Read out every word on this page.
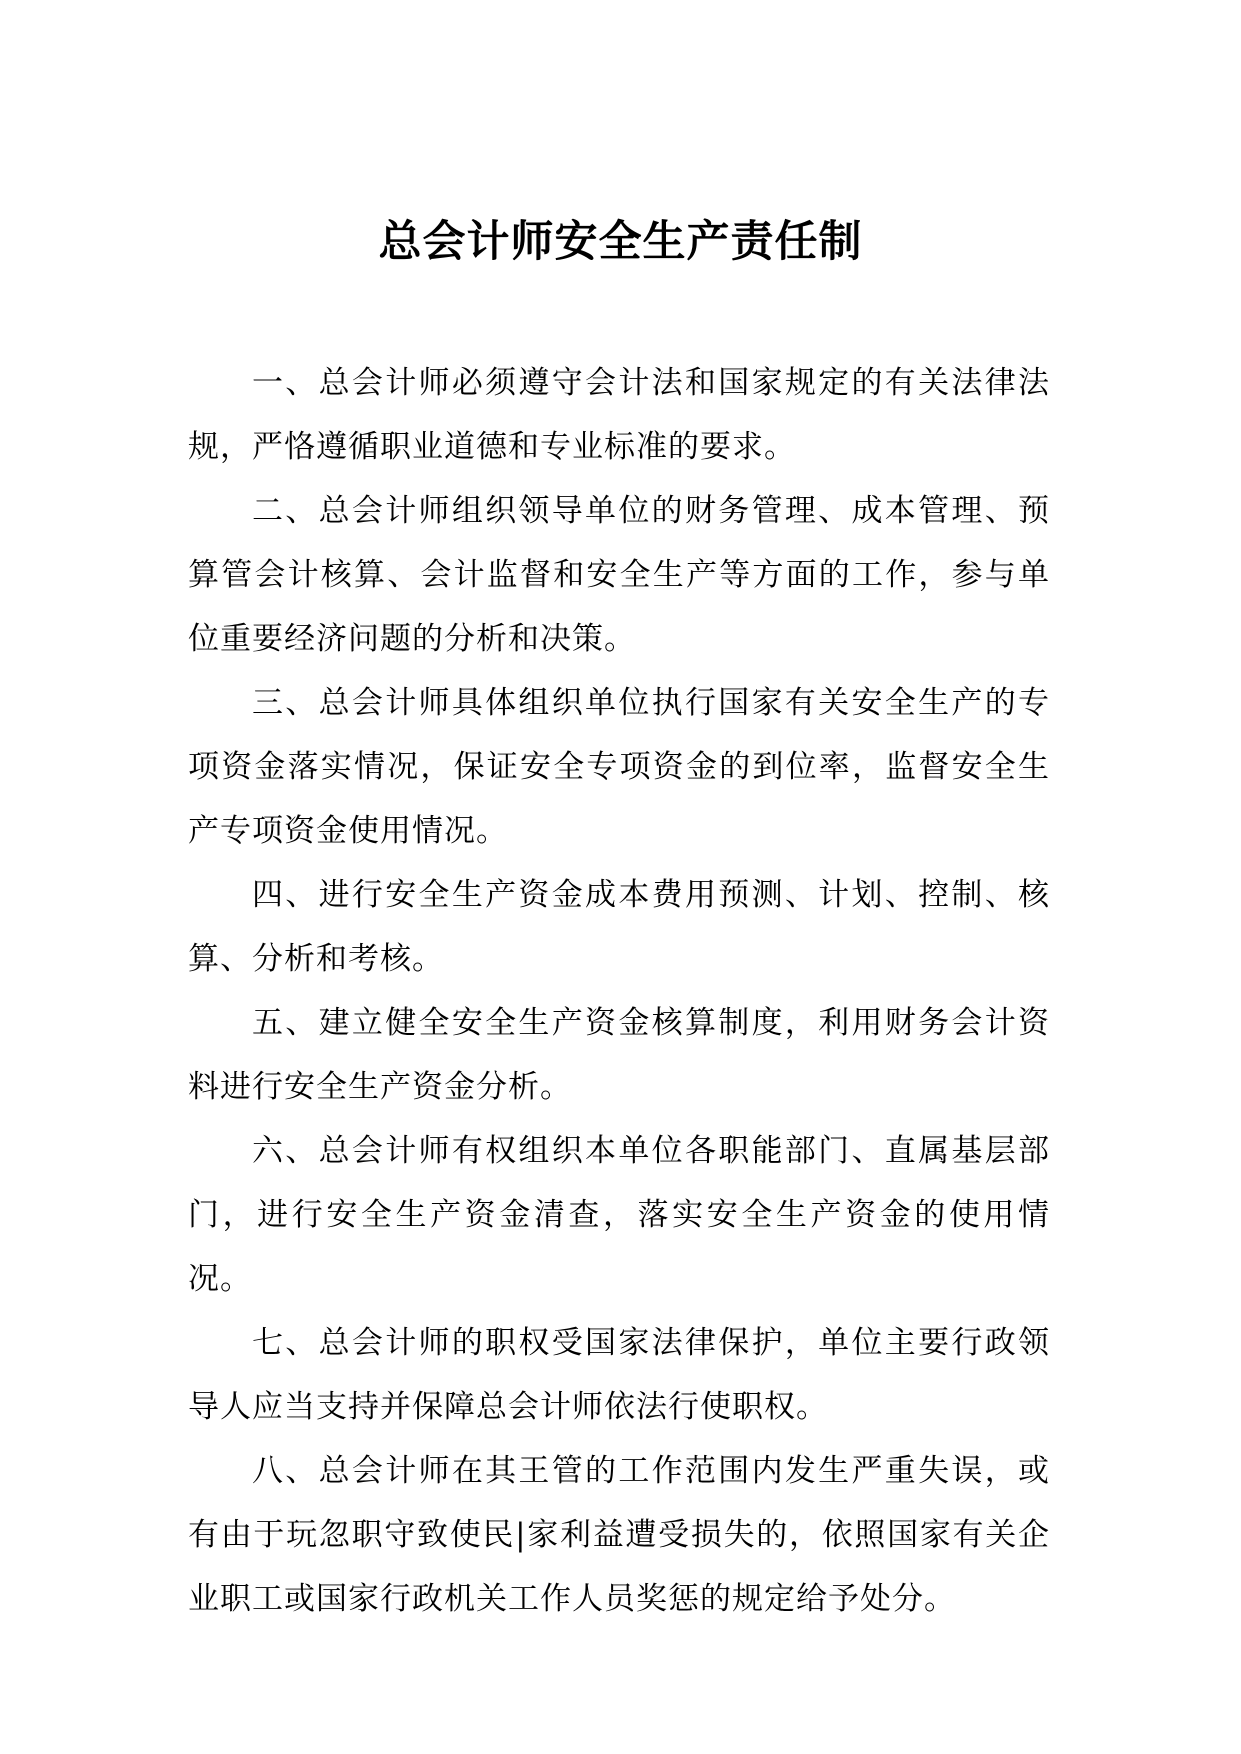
总会计师安全生产责任制

一、总会计师必须遵守会计法和国家规定的有关法律法规，严恪遵循职业道德和专业标准的要求。

二、总会计师组织领导单位的财务管理、成本管理、预算管会计核算、会计监督和安全生产等方面的工作，参与单位重要经济问题的分析和决策。

三、总会计师具体组织单位执行国家有关安全生产的专项资金落实情况，保证安全专项资金的到位率，监督安全生产专项资金使用情况。

四、进行安全生产资金成本费用预测、计划、控制、核算、分析和考核。

五、建立健全安全生产资金核算制度，利用财务会计资料进行安全生产资金分析。

六、总会计师有权组织本单位各职能部门、直属基层部门，进行安全生产资金清查，落实安全生产资金的使用情况。

七、总会计师的职权受国家法律保护，单位主要行政领导人应当支持并保障总会计师依法行使职权。

八、总会计师在其王管的工作范围内发生严重失误，或有由于玩忽职守致使民|家利益遭受损失的，依照国家有关企业职工或国家行政机关工作人员奖惩的规定给予处分。
